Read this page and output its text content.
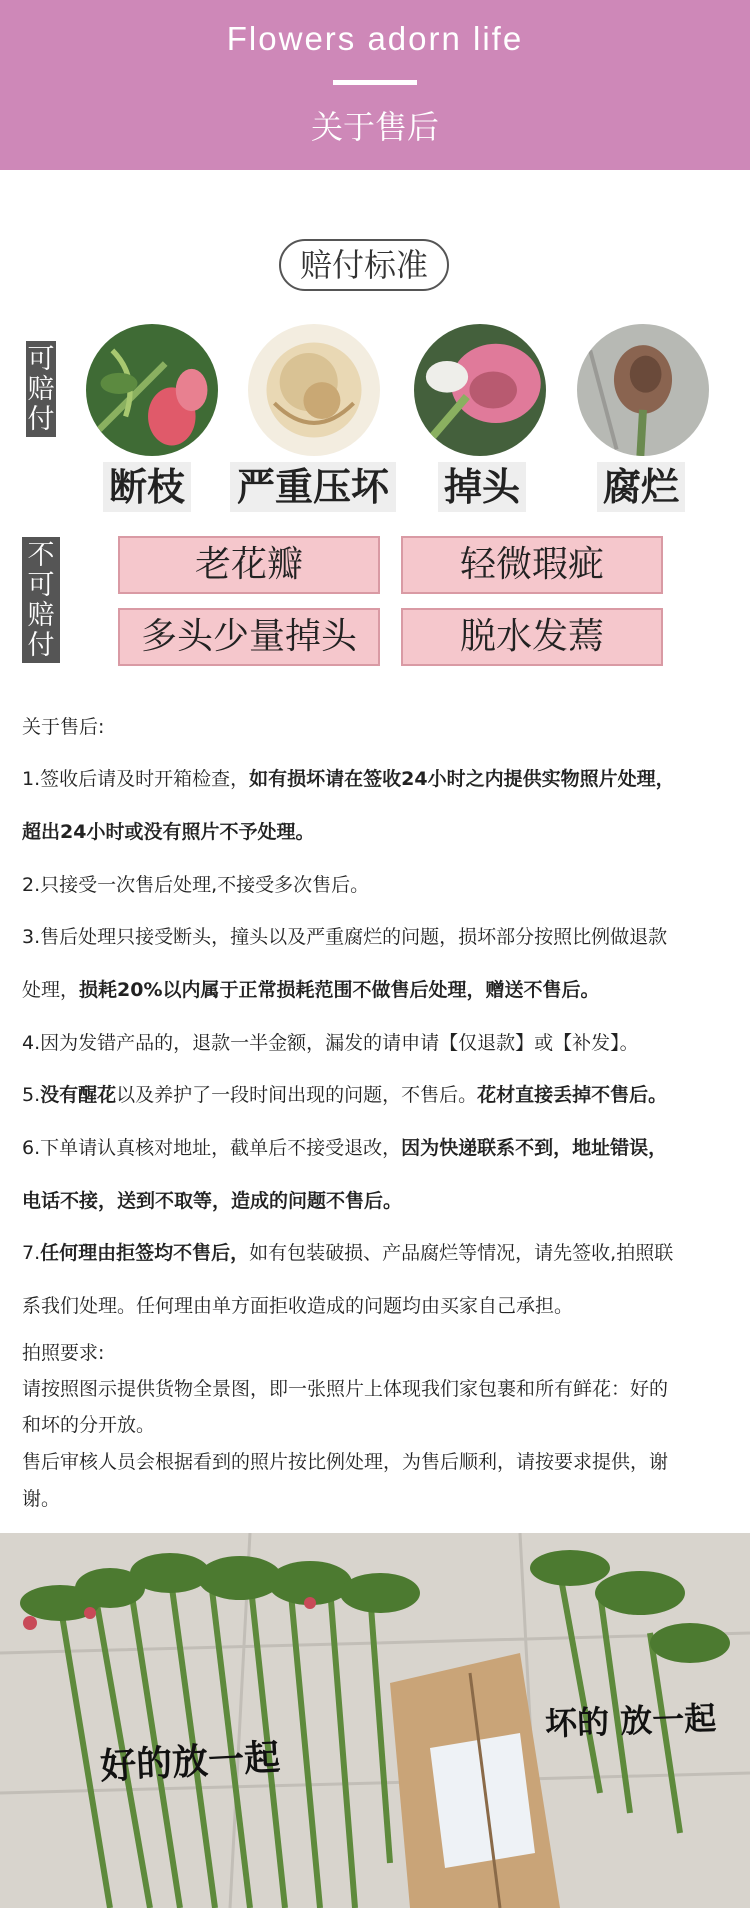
Flowers adorn life
关于售后
赔付标准
可
赔
付
不
可
赔
付
断枝 严重压坏 掉头 腐烂
老花瓣	轻微瑕疵
多头少量掉头	脱水发蔫
关于售后:
1.签收后请及时开箱检查，如有损坏请在签收24小时之内提供实物照片处理，
超出24小时或没有照片不予处理。
2.只接受一次售后处理,不接受多次售后。
3.售后处理只接受断头，撞头以及严重腐烂的问题，损坏部分按照比例做退款
处理，损耗20%以内属于正常损耗范围不做售后处理，赠送不售后。
4.因为发错产品的，退款一半金额，漏发的请申请【仅退款】或【补发】。
5.没有醒花以及养护了一段时间出现的问题，不售后。花材直接丢掉不售后。
6.下单请认真核对地址，截单后不接受退改，因为快递联系不到，地址错误，
电话不接，送到不取等，造成的问题不售后。
7.任何理由拒签均不售后，如有包装破损、产品腐烂等情况，请先签收,拍照联
系我们处理。任何理由单方面拒收造成的问题均由买家自己承担。
拍照要求:
请按照图示提供货物全景图，即一张照片上体现我们家包裹和所有鲜花：好的
和坏的分开放。
售后审核人员会根据看到的照片按比例处理，为售后顺利，请按要求提供，谢
谢。
好的放一起
坏的 放一起
